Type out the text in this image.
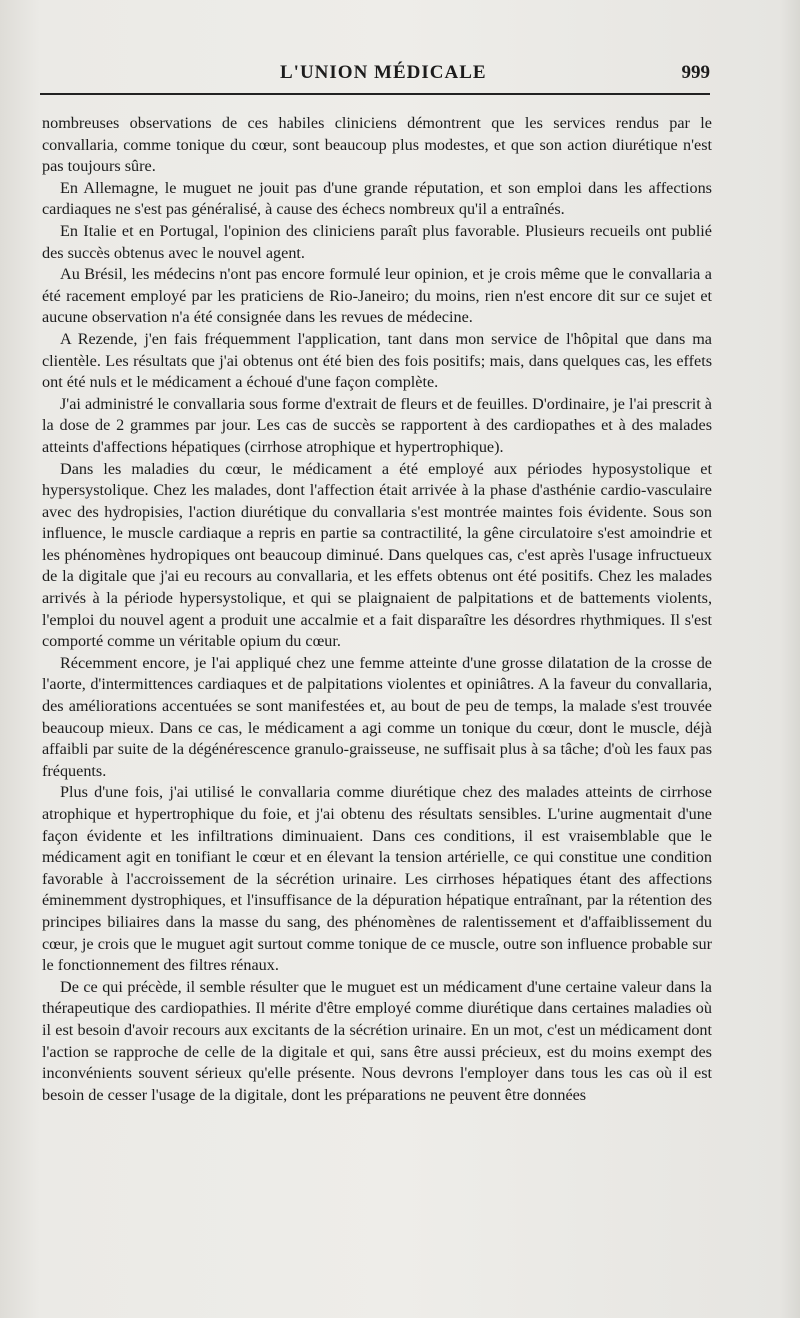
L'UNION MÉDICALE	999

nombreuses observations de ces habiles cliniciens démontrent que les services rendus par le convallaria, comme tonique du cœur, sont beaucoup plus modestes, et que son action diurétique n'est pas toujours sûre.

En Allemagne, le muguet ne jouit pas d'une grande réputation, et son emploi dans les affections cardiaques ne s'est pas généralisé, à cause des échecs nombreux qu'il a entraînés.

En Italie et en Portugal, l'opinion des cliniciens paraît plus favorable. Plusieurs recueils ont publié des succès obtenus avec le nouvel agent.

Au Brésil, les médecins n'ont pas encore formulé leur opinion, et je crois même que le convallaria a été racement employé par les praticiens de Rio-Janeiro; du moins, rien n'est encore dit sur ce sujet et aucune observation n'a été consignée dans les revues de médecine.

A Rezende, j'en fais fréquemment l'application, tant dans mon service de l'hôpital que dans ma clientèle. Les résultats que j'ai obtenus ont été bien des fois positifs; mais, dans quelques cas, les effets ont été nuls et le médicament a échoué d'une façon complète.

J'ai administré le convallaria sous forme d'extrait de fleurs et de feuilles. D'ordinaire, je l'ai prescrit à la dose de 2 grammes par jour. Les cas de succès se rapportent à des cardiopathes et à des malades atteints d'affections hépatiques (cirrhose atrophique et hypertrophique).

Dans les maladies du cœur, le médicament a été employé aux périodes hyposystolique et hypersystolique. Chez les malades, dont l'affection était arrivée à la phase d'asthénie cardio-vasculaire avec des hydropisies, l'action diurétique du convallaria s'est montrée maintes fois évidente. Sous son influence, le muscle cardiaque a repris en partie sa contractilité, la gêne circulatoire s'est amoindrie et les phénomènes hydropiques ont beaucoup diminué. Dans quelques cas, c'est après l'usage infructueux de la digitale que j'ai eu recours au convallaria, et les effets obtenus ont été positifs. Chez les malades arrivés à la période hypersystolique, et qui se plaignaient de palpitations et de battements violents, l'emploi du nouvel agent a produit une accalmie et a fait disparaître les désordres rhythmiques. Il s'est comporté comme un véritable opium du cœur.

Récemment encore, je l'ai appliqué chez une femme atteinte d'une grosse dilatation de la crosse de l'aorte, d'intermittences cardiaques et de palpitations violentes et opiniâtres. A la faveur du convallaria, des améliorations accentuées se sont manifestées et, au bout de peu de temps, la malade s'est trouvée beaucoup mieux. Dans ce cas, le médicament a agi comme un tonique du cœur, dont le muscle, déjà affaibli par suite de la dégénérescence granulo-graisseuse, ne suffisait plus à sa tâche; d'où les faux pas fréquents.

Plus d'une fois, j'ai utilisé le convallaria comme diurétique chez des malades atteints de cirrhose atrophique et hypertrophique du foie, et j'ai obtenu des résultats sensibles. L'urine augmentait d'une façon évidente et les infiltrations diminuaient. Dans ces conditions, il est vraisemblable que le médicament agit en tonifiant le cœur et en élevant la tension artérielle, ce qui constitue une condition favorable à l'accroissement de la sécrétion urinaire. Les cirrhoses hépatiques étant des affections éminemment dystrophiques, et l'insuffisance de la dépuration hépatique entraînant, par la rétention des principes biliaires dans la masse du sang, des phénomènes de ralentissement et d'affaiblissement du cœur, je crois que le muguet agit surtout comme tonique de ce muscle, outre son influence probable sur le fonctionnement des filtres rénaux.

De ce qui précède, il semble résulter que le muguet est un médicament d'une certaine valeur dans la thérapeutique des cardiopathies. Il mérite d'être employé comme diurétique dans certaines maladies où il est besoin d'avoir recours aux excitants de la sécrétion urinaire. En un mot, c'est un médicament dont l'action se rapproche de celle de la digitale et qui, sans être aussi précieux, est du moins exempt des inconvénients souvent sérieux qu'elle présente. Nous devrons l'employer dans tous les cas où il est besoin de cesser l'usage de la digitale, dont les préparations ne peuvent être données
